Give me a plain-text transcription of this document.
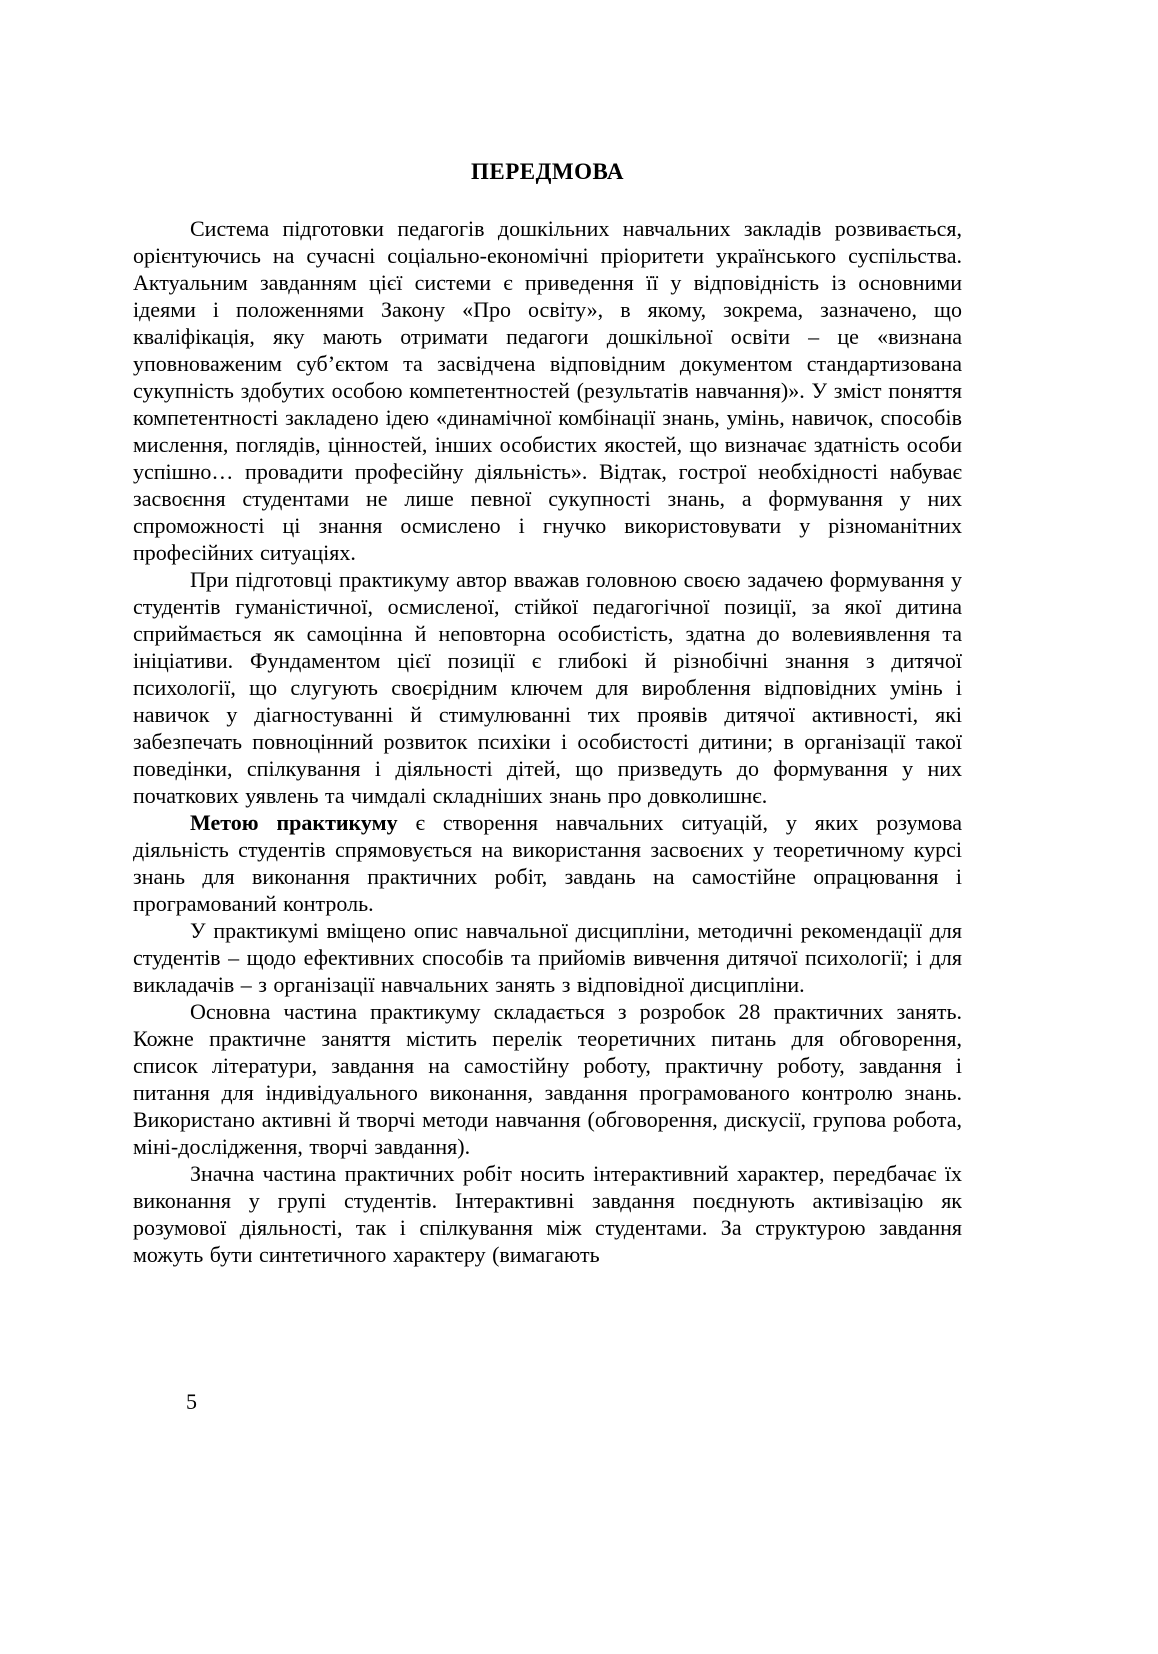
ПЕРЕДМОВА

Система підготовки педагогів дошкільних навчальних закладів розвивається, орієнтуючись на сучасні соціально-економічні пріоритети українського суспільства. Актуальним завданням цієї системи є приведення її у відповідність із основними ідеями і положеннями Закону «Про освіту», в якому, зокрема, зазначено, що кваліфікація, яку мають отримати педагоги дошкільної освіти – це «визнана уповноваженим суб’єктом та засвідчена відповідним документом стандартизована сукупність здобутих особою компетентностей (результатів навчання)». У зміст поняття компетентності закладено ідею «динамічної комбінації знань, умінь, навичок, способів мислення, поглядів, цінностей, інших особистих якостей, що визначає здатність особи успішно… провадити професійну діяльність». Відтак, гострої необхідності набуває засвоєння студентами не лише певної сукупності знань, а формування у них спроможності ці знання осмислено і гнучко використовувати у різноманітних професійних ситуаціях.

При підготовці практикуму автор вважав головною своєю задачею формування у студентів гуманістичної, осмисленої, стійкої педагогічної позиції, за якої дитина сприймається як самоцінна й неповторна особистість, здатна до волевиявлення та ініціативи. Фундаментом цієї позиції є глибокі й різнобічні знання з дитячої психології, що слугують своєрідним ключем для вироблення відповідних умінь і навичок у діагностуванні й стимулюванні тих проявів дитячої активності, які забезпечать повноцінний розвиток психіки і особистості дитини; в організації такої поведінки, спілкування і діяльності дітей, що призведуть до формування у них початкових уявлень та чимдалі складніших знань про довколишнє.

Метою практикуму є створення навчальних ситуацій, у яких розумова діяльність студентів спрямовується на використання засвоєних у теоретичному курсі знань для виконання практичних робіт, завдань на самостійне опрацювання і програмований контроль.

У практикумі вміщено опис навчальної дисципліни, методичні рекомендації для студентів – щодо ефективних способів та прийомів вивчення дитячої психології; і для викладачів – з організації навчальних занять з відповідної дисципліни.

Основна частина практикуму складається з розробок 28 практичних занять. Кожне практичне заняття містить перелік теоретичних питань для обговорення, список літератури, завдання на самостійну роботу, практичну роботу, завдання і питання для індивідуального виконання, завдання програмованого контролю знань. Використано активні й творчі методи навчання (обговорення, дискусії, групова робота, міні-дослідження, творчі завдання).

Значна частина практичних робіт носить інтерактивний характер, передбачає їх виконання у групі студентів. Інтерактивні завдання поєднують активізацію як розумової діяльності, так і спілкування між студентами. За структурою завдання можуть бути синтетичного характеру (вимагають

5
